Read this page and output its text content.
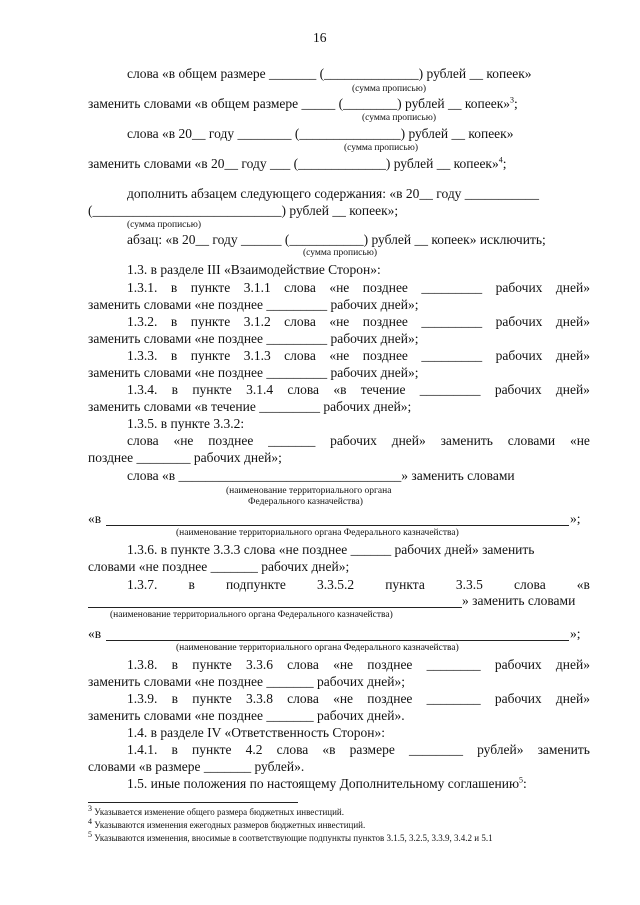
16
слова «в общем размере _______ (______________) рублей __ копеек»
(сумма прописью)
заменить словами «в общем размере _____ (________) рублей __ копеек»$^3$;
(сумма прописью)
слова «в 20__ году ________ (_______________) рублей __ копеек»
(сумма прописью)
заменить словами «в 20__ году ___ (_____________) рублей __ копеек»$^4$;
дополнить абзацем следующего содержания: «в 20__ году ___________
(____________________________) рублей __ копеек»;
(сумма прописью)
абзац: «в 20__ году ______ (___________) рублей __ копеек» исключить;
(сумма прописью)
1.3. в разделе III «Взаимодействие Сторон»:
1.3.1. в пункте 3.1.1 слова «не позднее _________ рабочих дней»
заменить словами «не позднее _________ рабочих дней»;
1.3.2. в пункте 3.1.2 слова «не позднее _________ рабочих дней»
заменить словами «не позднее _________ рабочих дней»;
1.3.3. в пункте 3.1.3 слова «не позднее _________ рабочих дней»
заменить словами «не позднее _________ рабочих дней»;
1.3.4. в пункте 3.1.4 слова «в течение _________ рабочих дней»
заменить словами «в течение _________ рабочих дней»;
1.3.5. в пункте 3.3.2:
слова «не позднее _______ рабочих дней» заменить словами «не
позднее ________ рабочих дней»;
слова «в _________________________________» заменить словами
(наименование территориального органа
Федерального казначейства)
«в	»;
(наименование территориального органа Федерального казначейства)
1.3.6. в пункте 3.3.3 слова «не позднее ______ рабочих дней» заменить
словами «не позднее _______ рабочих дней»;
1.3.7. в подпункте 3.3.5.2 пункта 3.3.5 слова «в
» заменить словами
(наименование территориального органа Федерального казначейства)
«в	»;
(наименование территориального органа Федерального казначейства)
1.3.8. в пункте 3.3.6 слова «не позднее ________ рабочих дней»
заменить словами «не позднее _______ рабочих дней»;
1.3.9. в пункте 3.3.8 слова «не позднее ________ рабочих дней»
заменить словами «не позднее _______ рабочих дней».
1.4. в разделе IV «Ответственность Сторон»:
1.4.1. в пункте 4.2 слова «в размере ________ рублей» заменить
словами «в размере _______ рублей».
1.5. иные положения по настоящему Дополнительному соглашению$^5$:
$^3$ Указывается изменение общего размера бюджетных инвестиций.
$^4$ Указываются изменения ежегодных размеров бюджетных инвестиций.
$^5$ Указываются изменения, вносимые в соответствующие подпункты пунктов 3.1.5, 3.2.5, 3.3.9, 3.4.2 и 5.1
